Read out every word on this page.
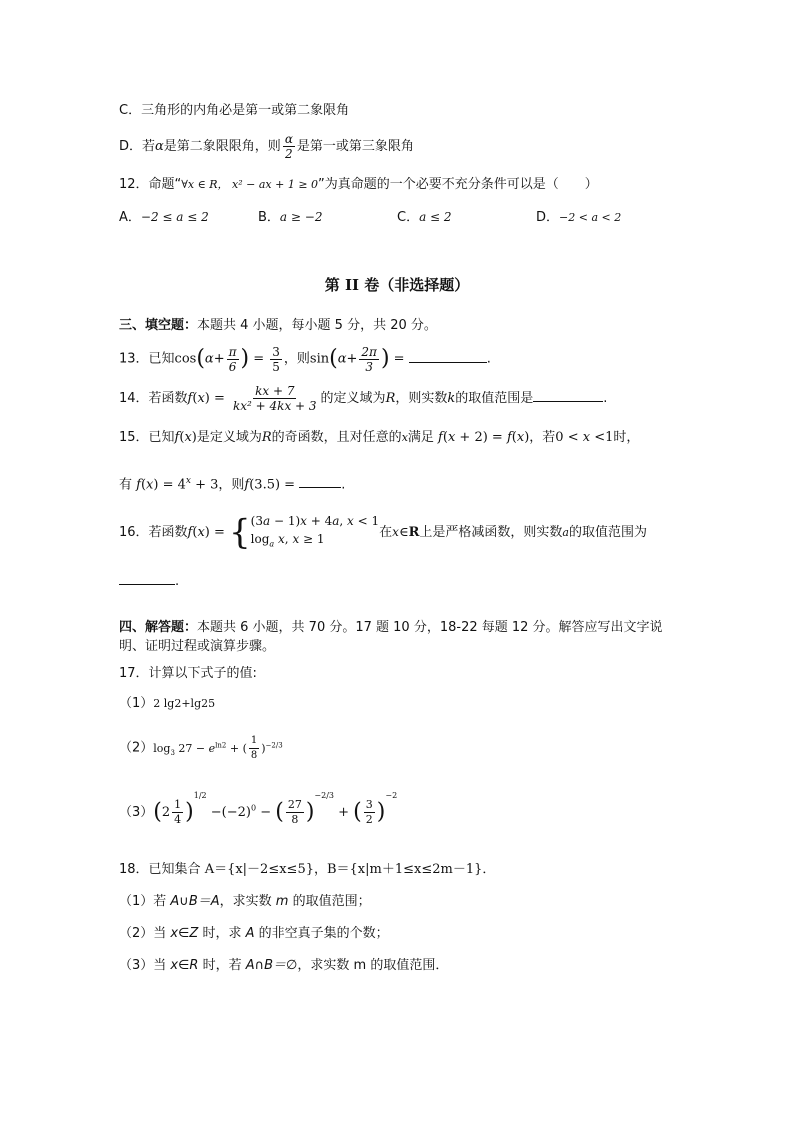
C．三角形的内角必是第一或第二象限角
D．若α是第二象限限角，则 $\frac{\alpha}{2}$ 是第一或第三象限角
12．命题“∀x ∈ R， x² − ax + 1 ≥ 0”为真命题的一个必要不充分条件可以是（　　）
A．−2 ≤ a ≤ 2	B．a ≥ −2	C．a ≤ 2	D．−2 < a < 2
第 II 卷（非选择题）
三、填空题：本题共 4 小题，每小题 5 分，共 20 分。
13．已知$\cos(\alpha+ \frac{\pi}{6}$ ) = $\frac{3}{5}$ ，则$\sin(\alpha+ \frac{2\pi}{3}$ ) =	.
14．若函数$f(x) = \frac{kx + 7}{\text{kx² + 4kx + 3}}$ 的定义域为R，则实数k的取值范围是	.
15．已知f(x)是定义域为R的奇函数，且对任意的x满足 f(x + 2) = f(x)，若0 < x <1时，
有 $f(x) = 4^x + 3$，则f(3.5) =	.
16．若函数f(x) = { (3a − 1)x + 4a, x < 1
$\log_a x$, x ≥ 1	在x∈R上是严格减函数，则实数a的取值范围为
.
四、解答题：本题共 6 小题，共 70 分。17 题 10 分，18-22 每题 12 分。解答应写出文字说
明、证明过程或演算步骤。
17．计算以下式子的值:
（1）2 lg2+lg25
$(2)\log_3$ $27 - e^{ln2}$ + ( $\frac{1}{8} )^{-2/3}$
$(3)(2 \frac{1}{4} )^{1/2} -(-2)^0$ − ( $\frac{27}{8} )^{-2/3}$ + ( $\frac{3}{2} )^{-2}$
18．已知集合 A＝{x|－2≤x≤5}，B＝{x|m＋1≤x≤2m－1}．
（1）若 A∪B＝A，求实数 m 的取值范围；
（2）当 x∈Z 时，求 A 的非空真子集的个数；
（3）当 x∈R 时，若 A∩B＝∅，求实数 m 的取值范围．
